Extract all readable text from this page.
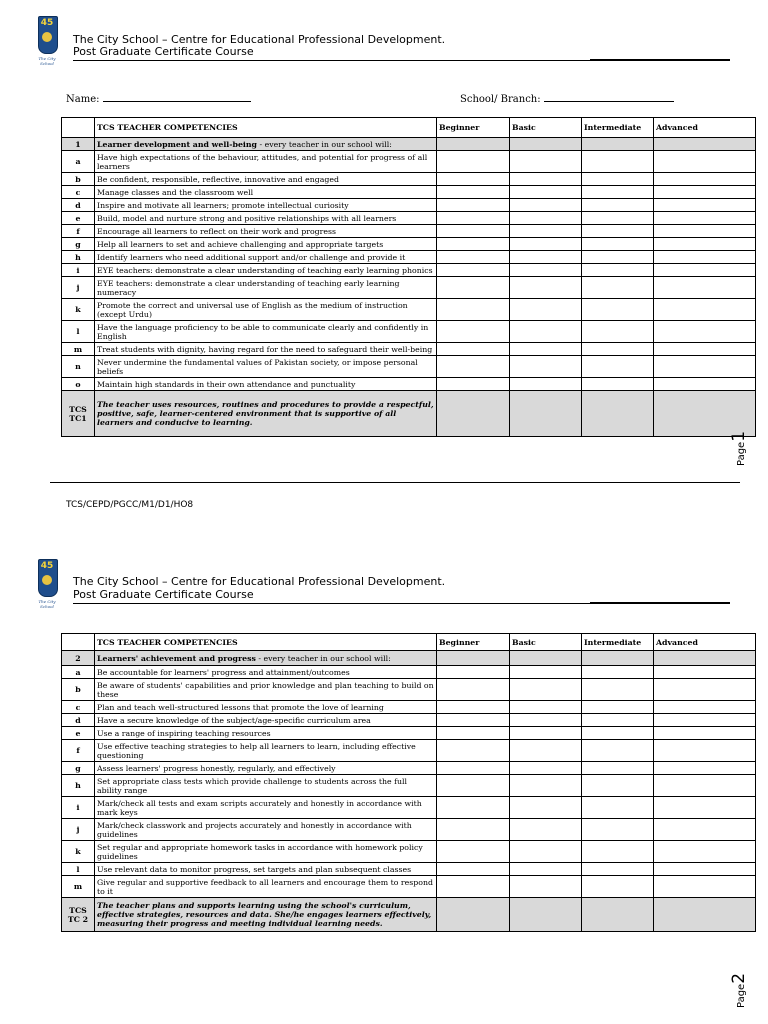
45
The City School
The City School – Centre for Educational Professional Development.
Post Graduate Certificate Course
Name:	School/ Branch:
	TCS TEACHER COMPETENCIES	Beginner	Basic	Intermediate	Advanced
1	Learner development and well-being - every teacher in our school will:				
a	Have high expectations of the behaviour, attitudes, and potential for progress of all learners				
b	Be confident, responsible, reflective, innovative and engaged				
c	Manage classes and the classroom well				
d	Inspire and motivate all learners; promote intellectual curiosity				
e	Build, model and nurture strong and positive relationships with all learners				
f	Encourage all learners to reflect on their work and progress				
g	Help all learners to set and achieve challenging and appropriate targets				
h	Identify learners who need additional support and/or challenge and provide it				
i	EYE teachers: demonstrate a clear understanding of teaching early learning phonics				
j	EYE teachers: demonstrate a clear understanding of teaching early learning numeracy				
k	Promote the correct and universal use of English as the medium of instruction (except Urdu)				
l	Have the language proficiency to be able to communicate clearly and confidently in English				
m	Treat students with dignity, having regard for the need to safeguard their well-being				
n	Never undermine the fundamental values of Pakistan society, or impose personal beliefs				
o	Maintain high standards in their own attendance and punctuality				
TCS TC1	The teacher uses resources, routines and procedures to provide a respectful, positive, safe, learner-centered environment that is supportive of all learners and conducive to learning.				
Page1
TCS/CEPD/PGCC/M1/D1/HO8
45
The City School
The City School – Centre for Educational Professional Development.
Post Graduate Certificate Course
	TCS TEACHER COMPETENCIES	Beginner	Basic	Intermediate	Advanced
2	Learners' achievement and progress - every teacher in our school will:				
a	Be accountable for learners' progress and attainment/outcomes				
b	Be aware of students' capabilities and prior knowledge and plan teaching to build on these				
c	Plan and teach well-structured lessons that promote the love of learning				
d	Have a secure knowledge of the subject/age-specific curriculum area				
e	Use a range of inspiring teaching resources				
f	Use effective teaching strategies to help all learners to learn, including effective questioning				
g	Assess learners' progress honestly, regularly, and effectively				
h	Set appropriate class tests which provide challenge to students across the full ability range				
i	Mark/check all tests and exam scripts accurately and honestly in accordance with mark keys				
j	Mark/check classwork and projects accurately and honestly in accordance with guidelines				
k	Set regular and appropriate homework tasks in accordance with homework policy guidelines				
l	Use relevant data to monitor progress, set targets and plan subsequent classes				
m	Give regular and supportive feedback to all learners and encourage them to respond to it				
TCS TC 2	The teacher plans and supports learning using the school's curriculum, effective strategies, resources and data. She/he engages learners effectively, measuring their progress and meeting individual learning needs.				
Page2
